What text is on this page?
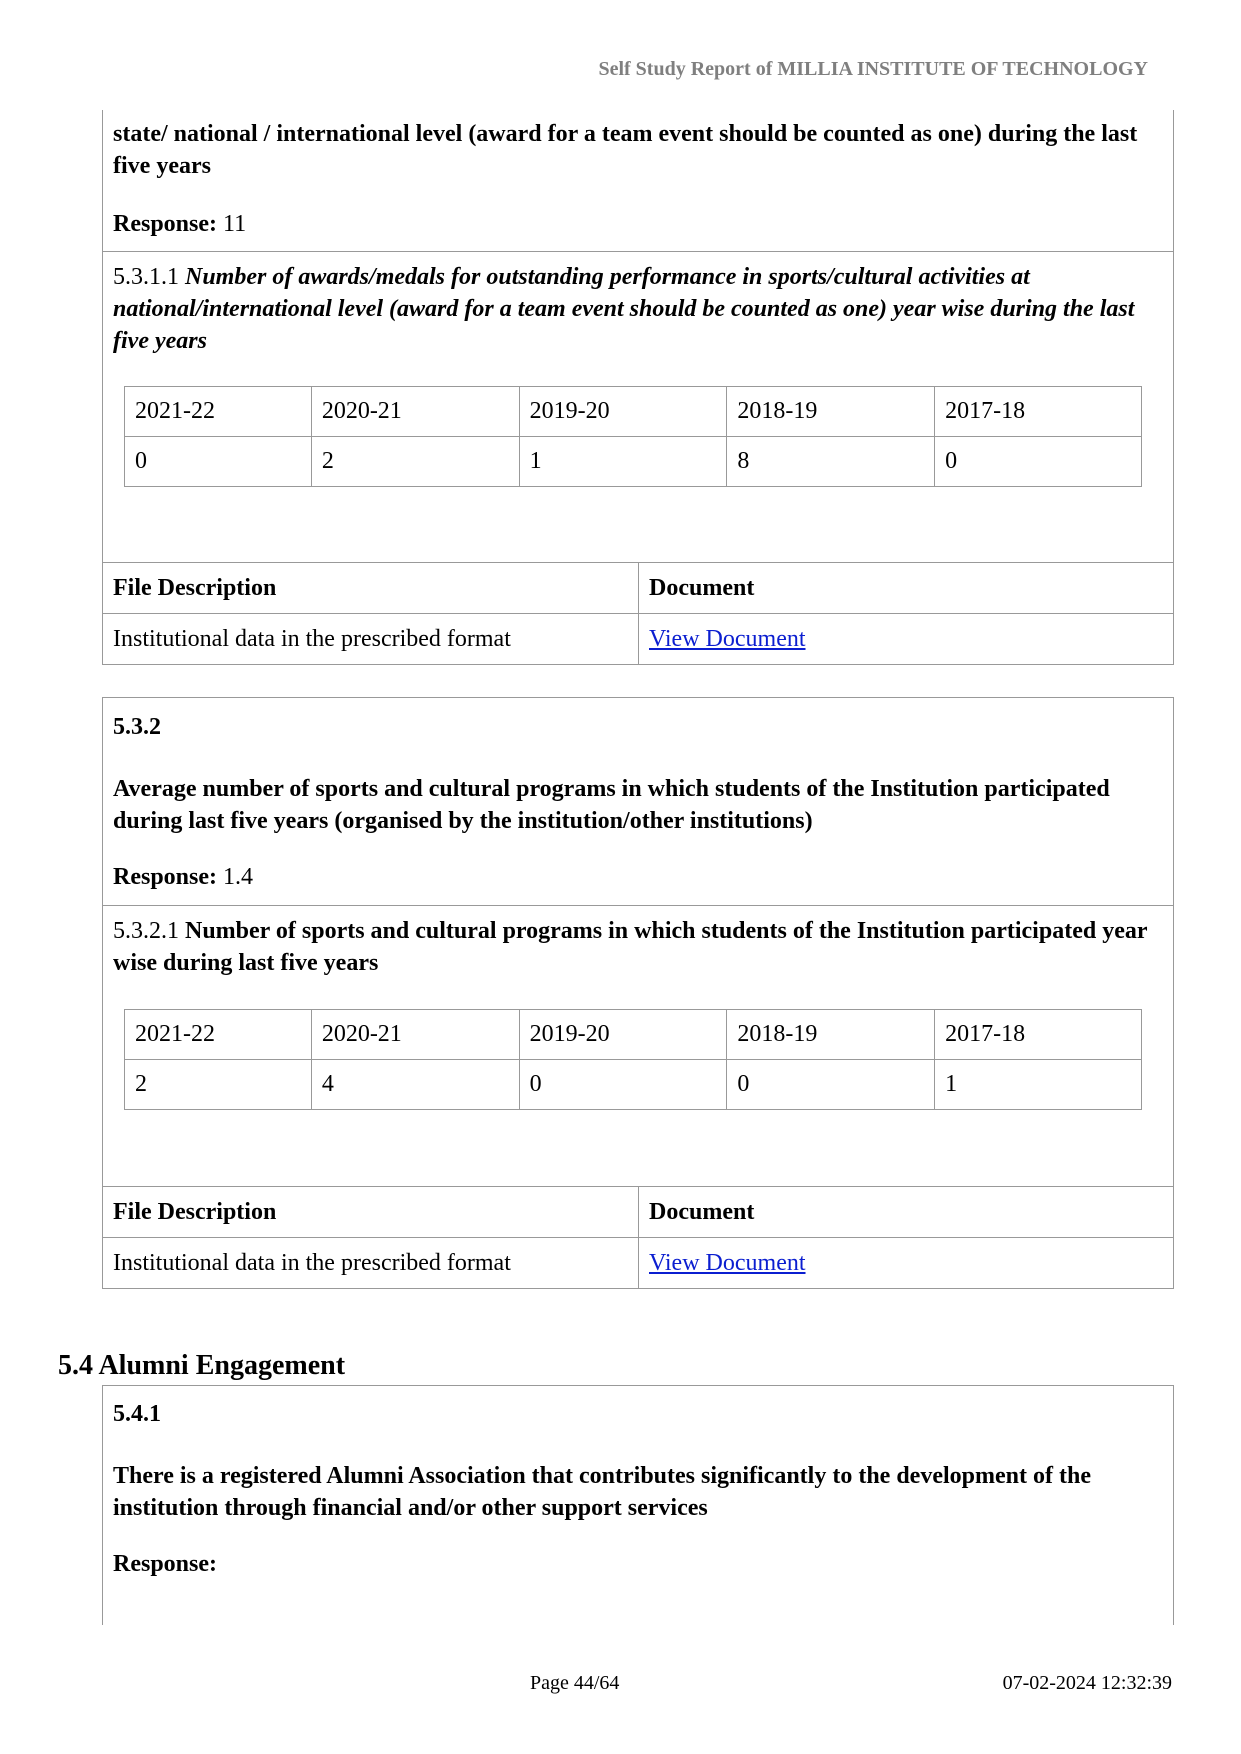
Self Study Report of MILLIA INSTITUTE OF TECHNOLOGY
state/ national / international level (award for a team event should be counted as one) during the last five years
Response: 11
5.3.1.1 Number of awards/medals for outstanding performance in sports/cultural activities at national/international level (award for a team event should be counted as one) year wise during the last five years
2021-22	2020-21	2019-20	2018-19	2017-18
0	2	1	8	0
File Description	Document
Institutional data in the prescribed format	View Document
5.3.2
Average number of sports and cultural programs in which students of the Institution participated during last five years (organised by the institution/other institutions)
Response: 1.4
5.3.2.1 Number of sports and cultural programs in which students of the Institution participated year wise during last five years
2021-22	2020-21	2019-20	2018-19	2017-18
2	4	0	0	1
File Description	Document
Institutional data in the prescribed format	View Document
5.4 Alumni Engagement
5.4.1
There is a registered Alumni Association that contributes significantly to the development of the institution through financial and/or other support services
Response:
Page 44/64	07-02-2024 12:32:39
